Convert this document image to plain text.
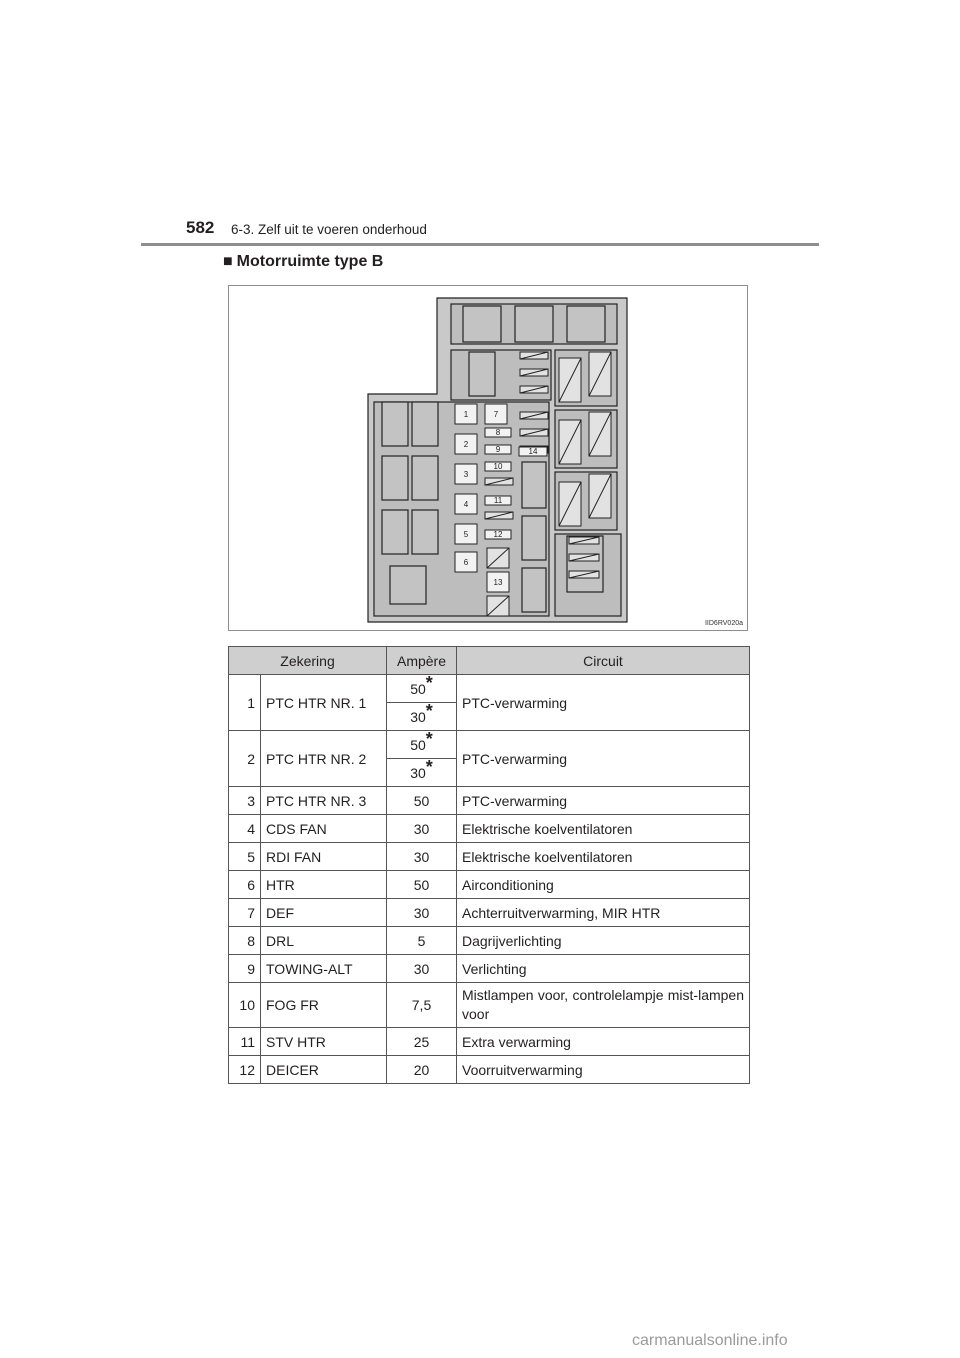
582 6-3. Zelf uit te voeren onderhoud
■ Motorruimte type B
1
2
3
4
5
6
7
8
9
10
11
12
13
14
IID6RV020a
Zekering		Ampère	Circuit
1	PTC HTR NR. 1	50*	PTC-verwarming
		30*	
2	PTC HTR NR. 2	50*	PTC-verwarming
		30*	
3	PTC HTR NR. 3	50	PTC-verwarming
4	CDS FAN	30	Elektrische koelventilatoren
5	RDI FAN	30	Elektrische koelventilatoren
6	HTR	50	Airconditioning
7	DEF	30	Achterruitverwarming, MIR HTR
8	DRL	5	Dagrijverlichting
9	TOWING-ALT	30	Verlichting
10	FOG FR	7,5	Mistlampen voor, controlelampje mist-lampen voor
11	STV HTR	25	Extra verwarming
12	DEICER	20	Voorruitverwarming
carmanualsonline.info
